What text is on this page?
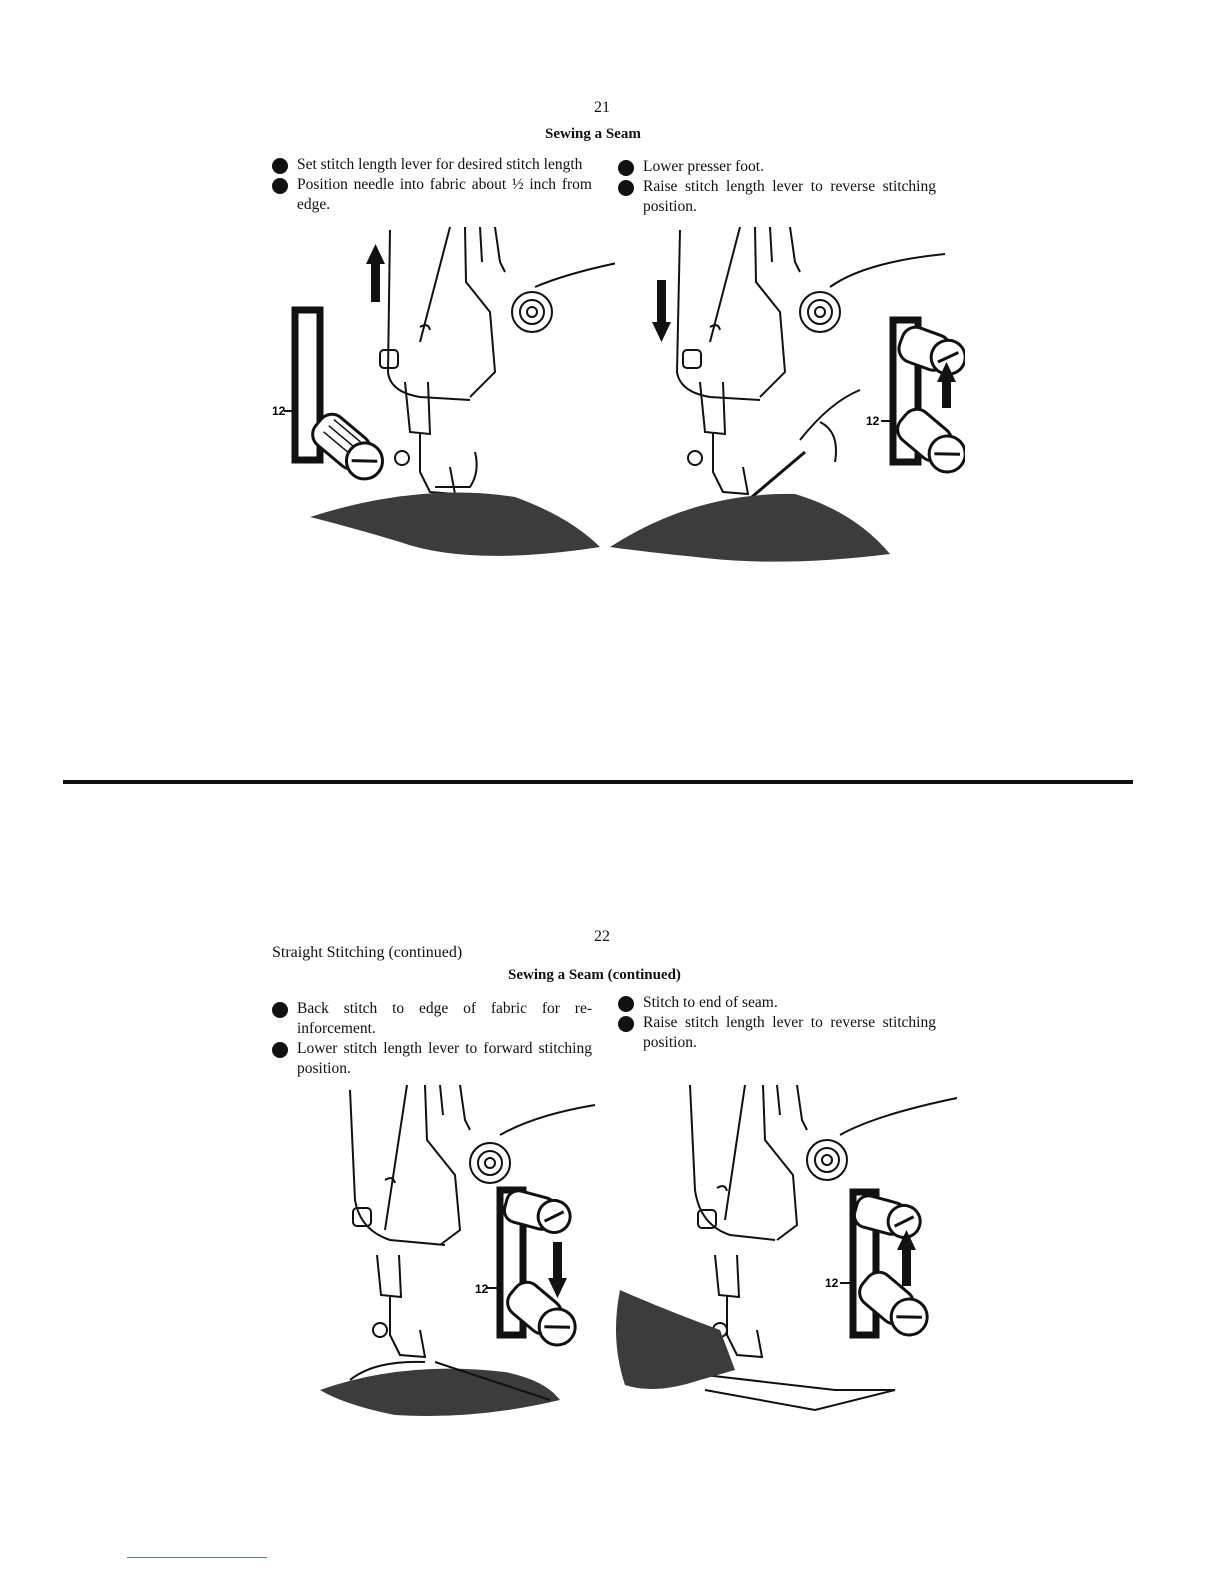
21
Sewing a Seam
Set stitch length lever for desired stitch length
Position needle into fabric about ½ inch from edge.
Lower presser foot.
Raise stitch length lever to reverse stitching position.
12
12
22
Straight Stitching (continued)
Sewing a Seam (continued)
Back stitch to edge of fabric for re-inforcement.
Lower stitch length lever to forward stitching position.
Stitch to end of seam.
Raise stitch length lever to reverse stitching position.
12	12
